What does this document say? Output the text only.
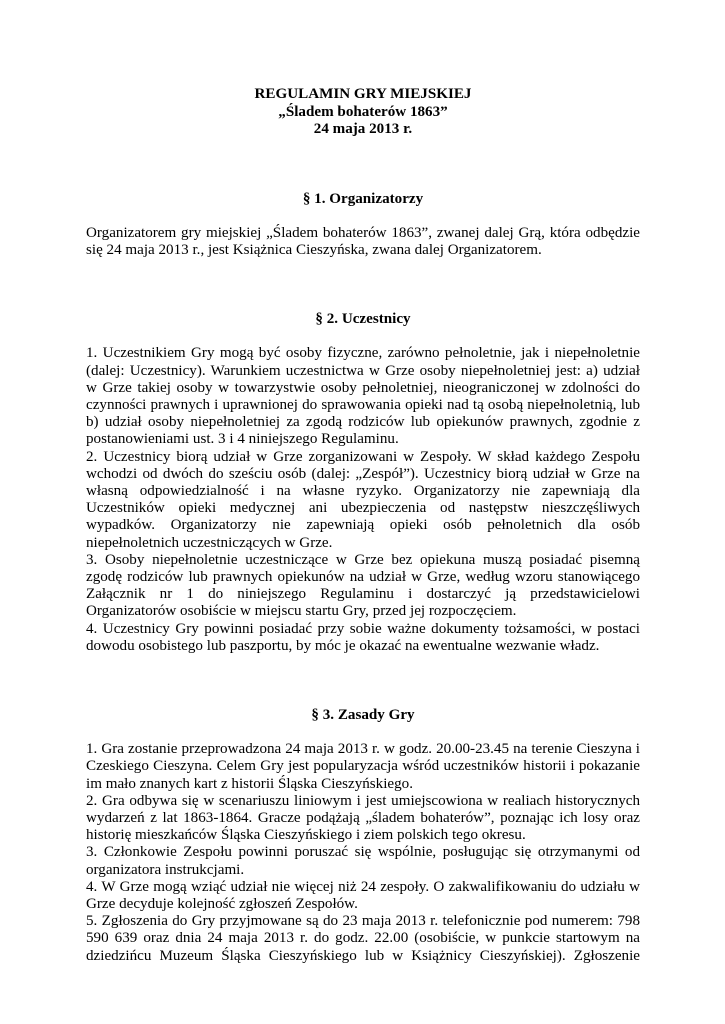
REGULAMIN GRY MIEJSKIEJ
„Śladem bohaterów 1863”
24 maja 2013 r.
§ 1. Organizatorzy

Organizatorem gry miejskiej „Śladem bohaterów 1863”, zwanej dalej Grą, która odbędzie się 24 maja 2013 r., jest Książnica Cieszyńska, zwana dalej Organizatorem.

§ 2. Uczestnicy

1. Uczestnikiem Gry mogą być osoby fizyczne, zarówno pełnoletnie, jak i niepełnoletnie (dalej: Uczestnicy). Warunkiem uczestnictwa w Grze osoby niepełnoletniej jest: a) udział w Grze takiej osoby w towarzystwie osoby pełnoletniej, nieograniczonej w zdolności do czynności prawnych i uprawnionej do sprawowania opieki nad tą osobą niepełnoletnią, lub b) udział osoby niepełnoletniej za zgodą rodziców lub opiekunów prawnych, zgodnie z postanowieniami ust. 3 i 4 niniejszego Regulaminu.

2. Uczestnicy biorą udział w Grze zorganizowani w Zespoły. W skład każdego Zespołu wchodzi od dwóch do sześciu osób (dalej: „Zespół”). Uczestnicy biorą udział w Grze na własną odpowiedzialność i na własne ryzyko. Organizatorzy nie zapewniają dla Uczestników opieki medycznej ani ubezpieczenia od następstw nieszczęśliwych wypadków. Organizatorzy nie zapewniają opieki osób pełnoletnich dla osób niepełnoletnich uczestniczących w Grze.

3. Osoby niepełnoletnie uczestniczące w Grze bez opiekuna muszą posiadać pisemną zgodę rodziców lub prawnych opiekunów na udział w Grze, według wzoru stanowiącego Załącznik nr 1 do niniejszego Regulaminu i dostarczyć ją przedstawicielowi Organizatorów osobiście w miejscu startu Gry, przed jej rozpoczęciem.

4. Uczestnicy Gry powinni posiadać przy sobie ważne dokumenty tożsamości, w postaci dowodu osobistego lub paszportu, by móc je okazać na ewentualne wezwanie władz.

§ 3. Zasady Gry

1. Gra zostanie przeprowadzona 24 maja 2013 r. w godz. 20.00-23.45 na terenie Cieszyna i Czeskiego Cieszyna. Celem Gry jest popularyzacja wśród uczestników historii i pokazanie im mało znanych kart z historii Śląska Cieszyńskiego.

2. Gra odbywa się w scenariuszu liniowym i jest umiejscowiona w realiach historycznych wydarzeń z lat 1863-1864. Gracze podążają „śladem bohaterów”, poznając ich losy oraz historię mieszkańców Śląska Cieszyńskiego i ziem polskich tego okresu.

3. Członkowie Zespołu powinni poruszać się wspólnie, posługując się otrzymanymi od organizatora instrukcjami.

4. W Grze mogą wziąć udział nie więcej niż 24 zespoły. O zakwalifikowaniu do udziału w Grze decyduje kolejność zgłoszeń Zespołów.

5. Zgłoszenia do Gry przyjmowane są do 23 maja 2013 r. telefonicznie pod numerem: 798 590 639 oraz dnia 24 maja 2013 r. do godz. 22.00 (osobiście, w punkcie startowym na dziedzińcu Muzeum Śląska Cieszyńskiego lub w Książnicy Cieszyńskiej). Zgłoszenie
